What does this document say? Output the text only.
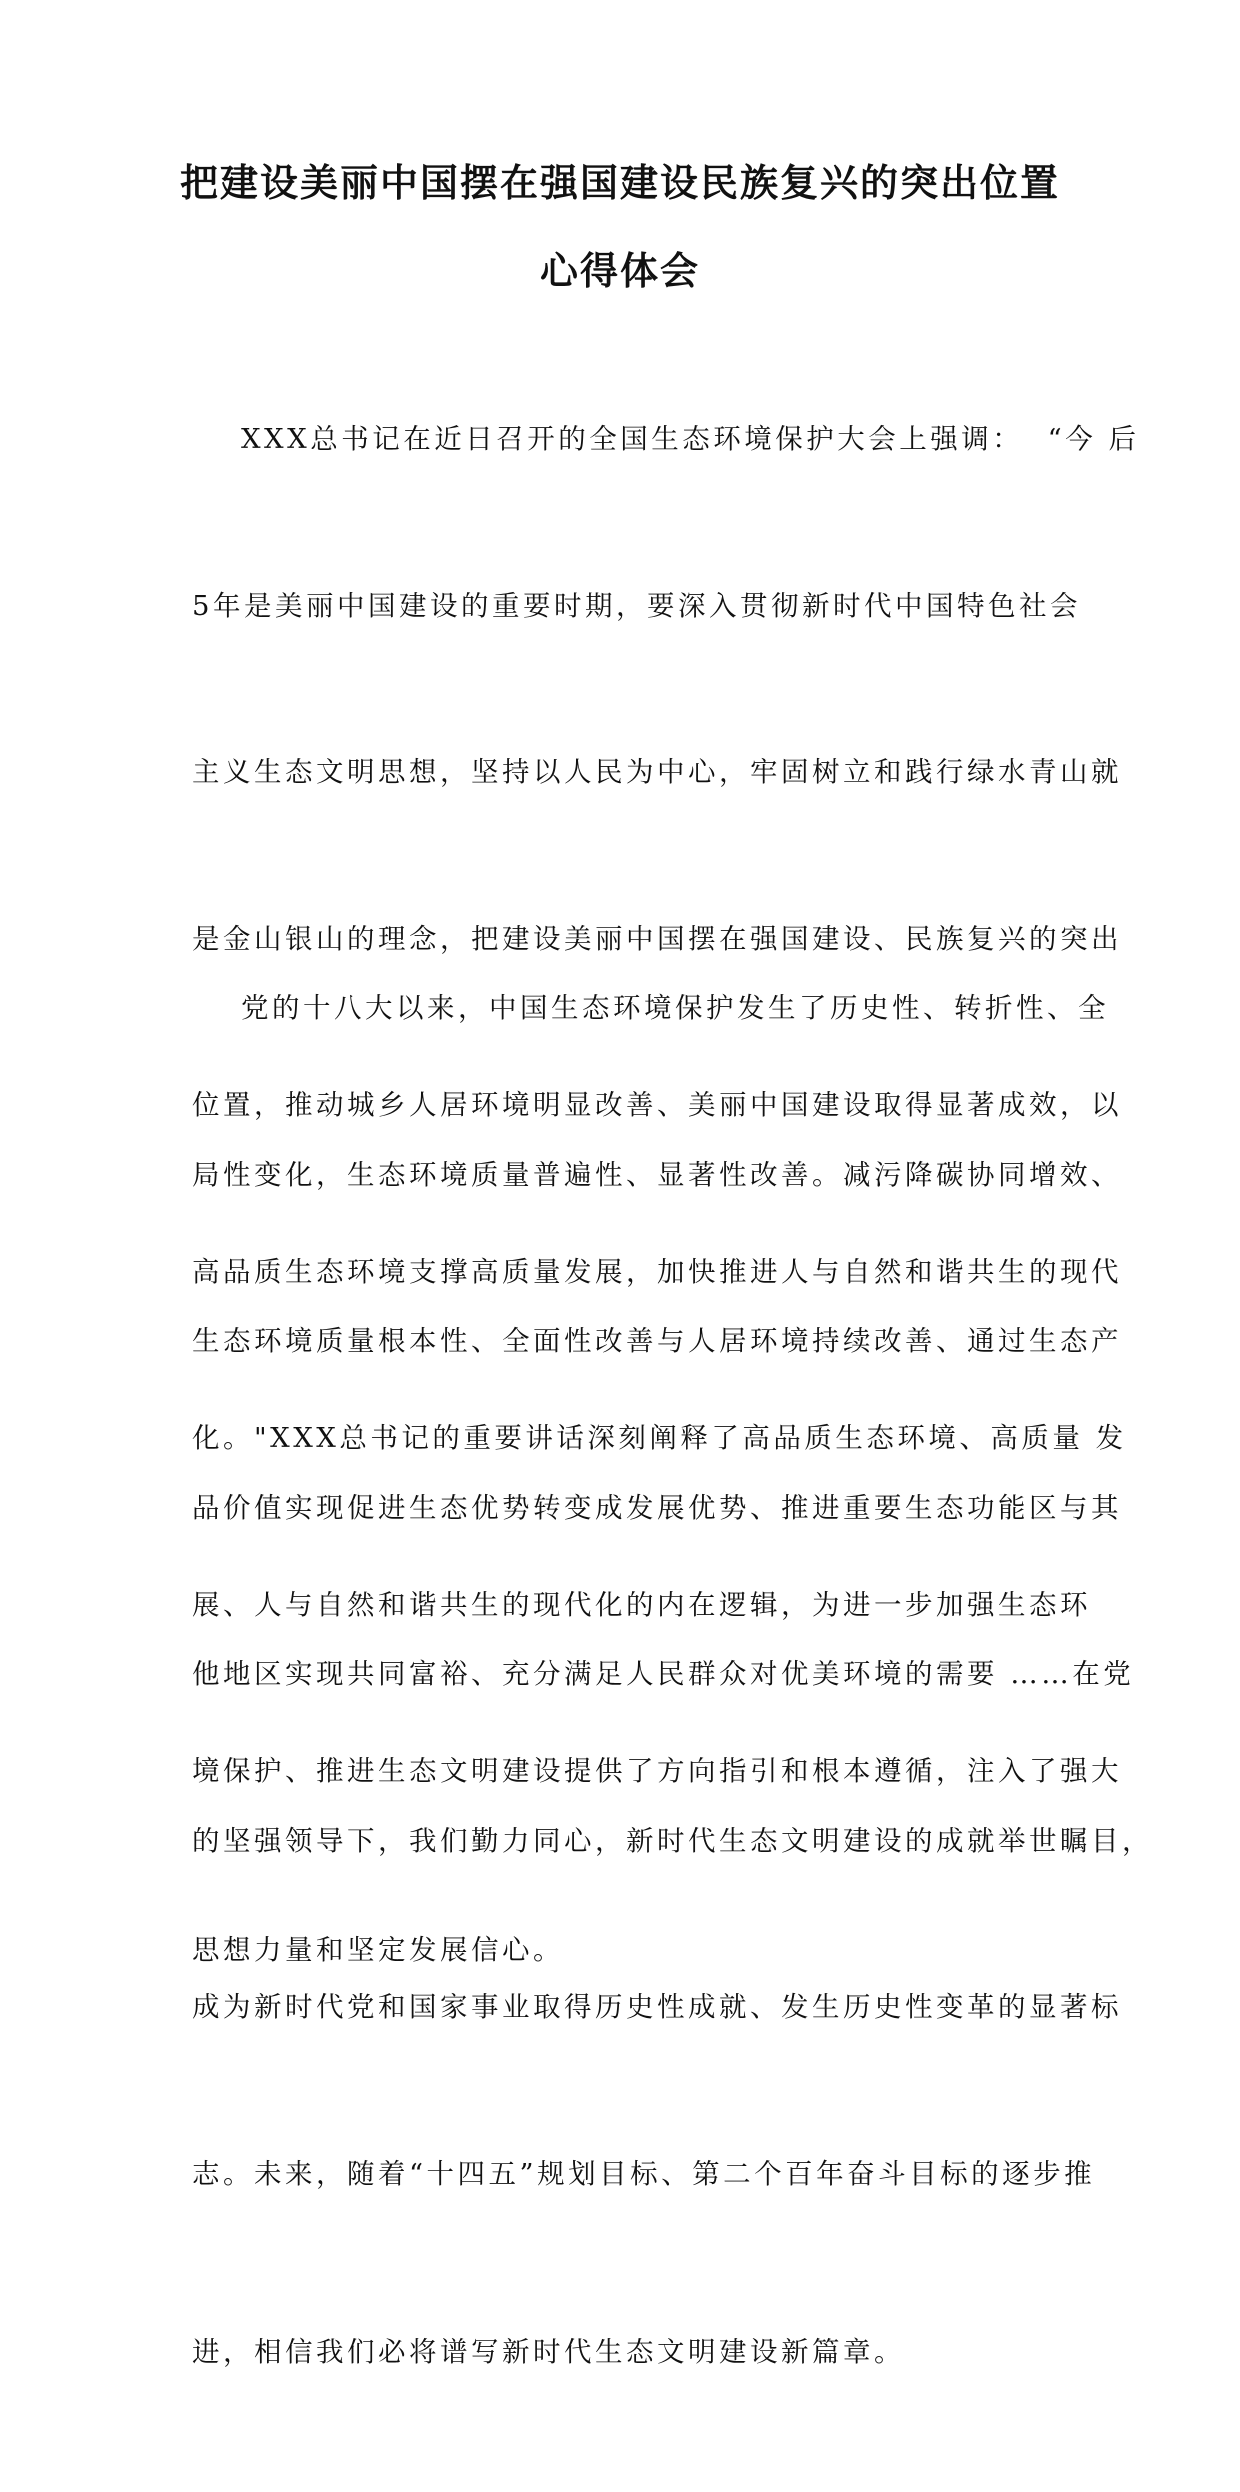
把建设美丽中国摆在强国建设民族复兴的突出位置
心得体会

XXX总书记在近日召开的全国生态环境保护大会上强调：  “今 后

5年是美丽中国建设的重要时期，要深入贯彻新时代中国特色社会

主义生态文明思想，坚持以人民为中心，牢固树立和践行绿水青山就

是金山银山的理念，把建设美丽中国摆在强国建设、民族复兴的突出

位置，推动城乡人居环境明显改善、美丽中国建设取得显著成效，以

高品质生态环境支撑高质量发展，加快推进人与自然和谐共生的现代

化。"XXX总书记的重要讲话深刻阐释了高品质生态环境、高质量 发

展、人与自然和谐共生的现代化的内在逻辑，为进一步加强生态环

境保护、推进生态文明建设提供了方向指引和根本遵循，注入了强大

思想力量和坚定发展信心。

党的十八大以来，中国生态环境保护发生了历史性、转折性、全

局性变化，生态环境质量普遍性、显著性改善。减污降碳协同增效、

生态环境质量根本性、全面性改善与人居环境持续改善、通过生态产

品价值实现促进生态优势转变成发展优势、推进重要生态功能区与其

他地区实现共同富裕、充分满足人民群众对优美环境的需要 ……在党

的坚强领导下，我们勤力同心，新时代生态文明建设的成就举世瞩目，

成为新时代党和国家事业取得历史性成就、发生历史性变革的显著标

志。未来，随着“十四五”规划目标、第二个百年奋斗目标的逐步推

进，相信我们必将谱写新时代生态文明建设新篇章。
